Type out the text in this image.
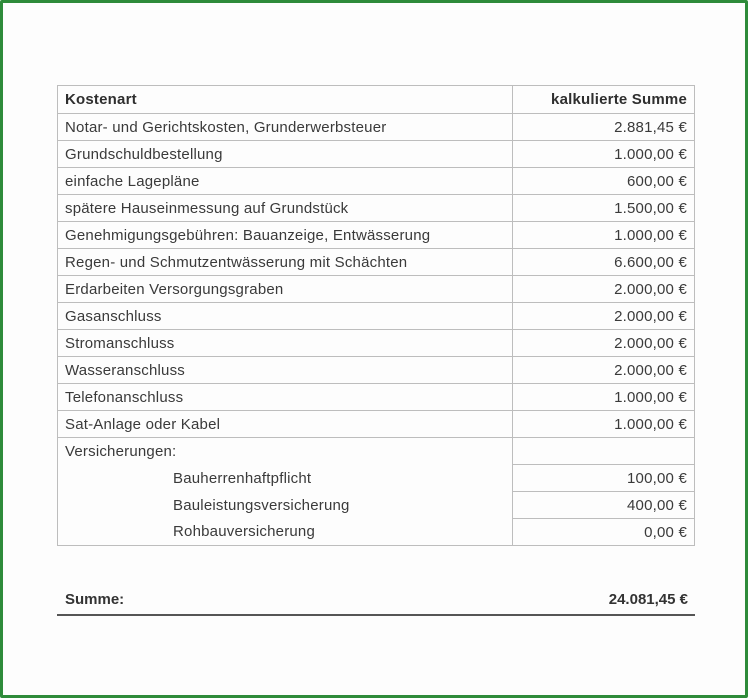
Kostenart	kalkulierte Summe
Notar- und Gerichtskosten, Grunderwerbsteuer	2.881,45 €
Grundschuldbestellung	1.000,00 €
einfache Lagepläne	600,00 €
spätere Hauseinmessung auf Grundstück	1.500,00 €
Genehmigungsgebühren: Bauanzeige, Entwässerung	1.000,00 €
Regen- und Schmutzentwässerung mit Schächten	6.600,00 €
Erdarbeiten Versorgungsgraben	2.000,00 €
Gasanschluss	2.000,00 €
Stromanschluss	2.000,00 €
Wasseranschluss	2.000,00 €
Telefonanschluss	1.000,00 €
Sat-Anlage oder Kabel	1.000,00 €
Versicherungen:	
Bauherrenhaftpflicht	100,00 €
Bauleistungsversicherung	400,00 €
Rohbauversicherung	0,00 €
Summe:	24.081,45 €
